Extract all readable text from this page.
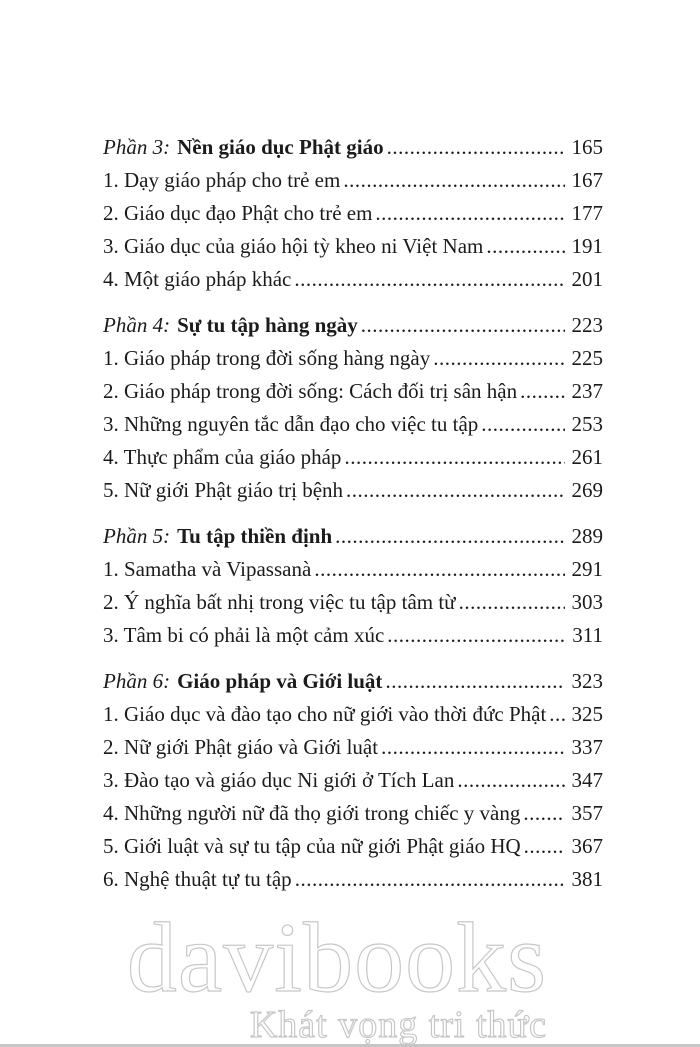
Phần 3: Nền giáo dục Phật giáo .....	165
1. Dạy giáo pháp cho trẻ em .....	167
2. Giáo dục đạo Phật cho trẻ em .....	177
3. Giáo dục của giáo hội tỳ kheo ni Việt Nam .....	191
4. Một giáo pháp khác .....	201
Phần 4: Sự tu tập hàng ngày .....	223
1. Giáo pháp trong đời sống hàng ngày .....	225
2. Giáo pháp trong đời sống: Cách đối trị sân hận .....	237
3. Những nguyên tắc dẫn đạo cho việc tu tập .....	253
4. Thực phẩm của giáo pháp .....	261
5. Nữ giới Phật giáo trị bệnh .....	269
Phần 5: Tu tập thiền định .....	289
1. Samatha và Vipassanà .....	291
2. Ý nghĩa bất nhị trong việc tu tập tâm từ .....	303
3. Tâm bi có phải là một cảm xúc .....	311
Phần 6: Giáo pháp và Giới luật .....	323
1. Giáo dục và đào tạo cho nữ giới vào thời đức Phật ..... 325
2. Nữ giới Phật giáo và Giới luật .....	337
3. Đào tạo và giáo dục Ni giới ở Tích Lan .....	347
4. Những người nữ đã thọ giới trong chiếc y vàng ..... 357
5. Giới luật và sự tu tập của nữ giới Phật giáo HQ ..... 367
6. Nghệ thuật tự tu tập .....	381
davibooks
Khát vọng tri thức
